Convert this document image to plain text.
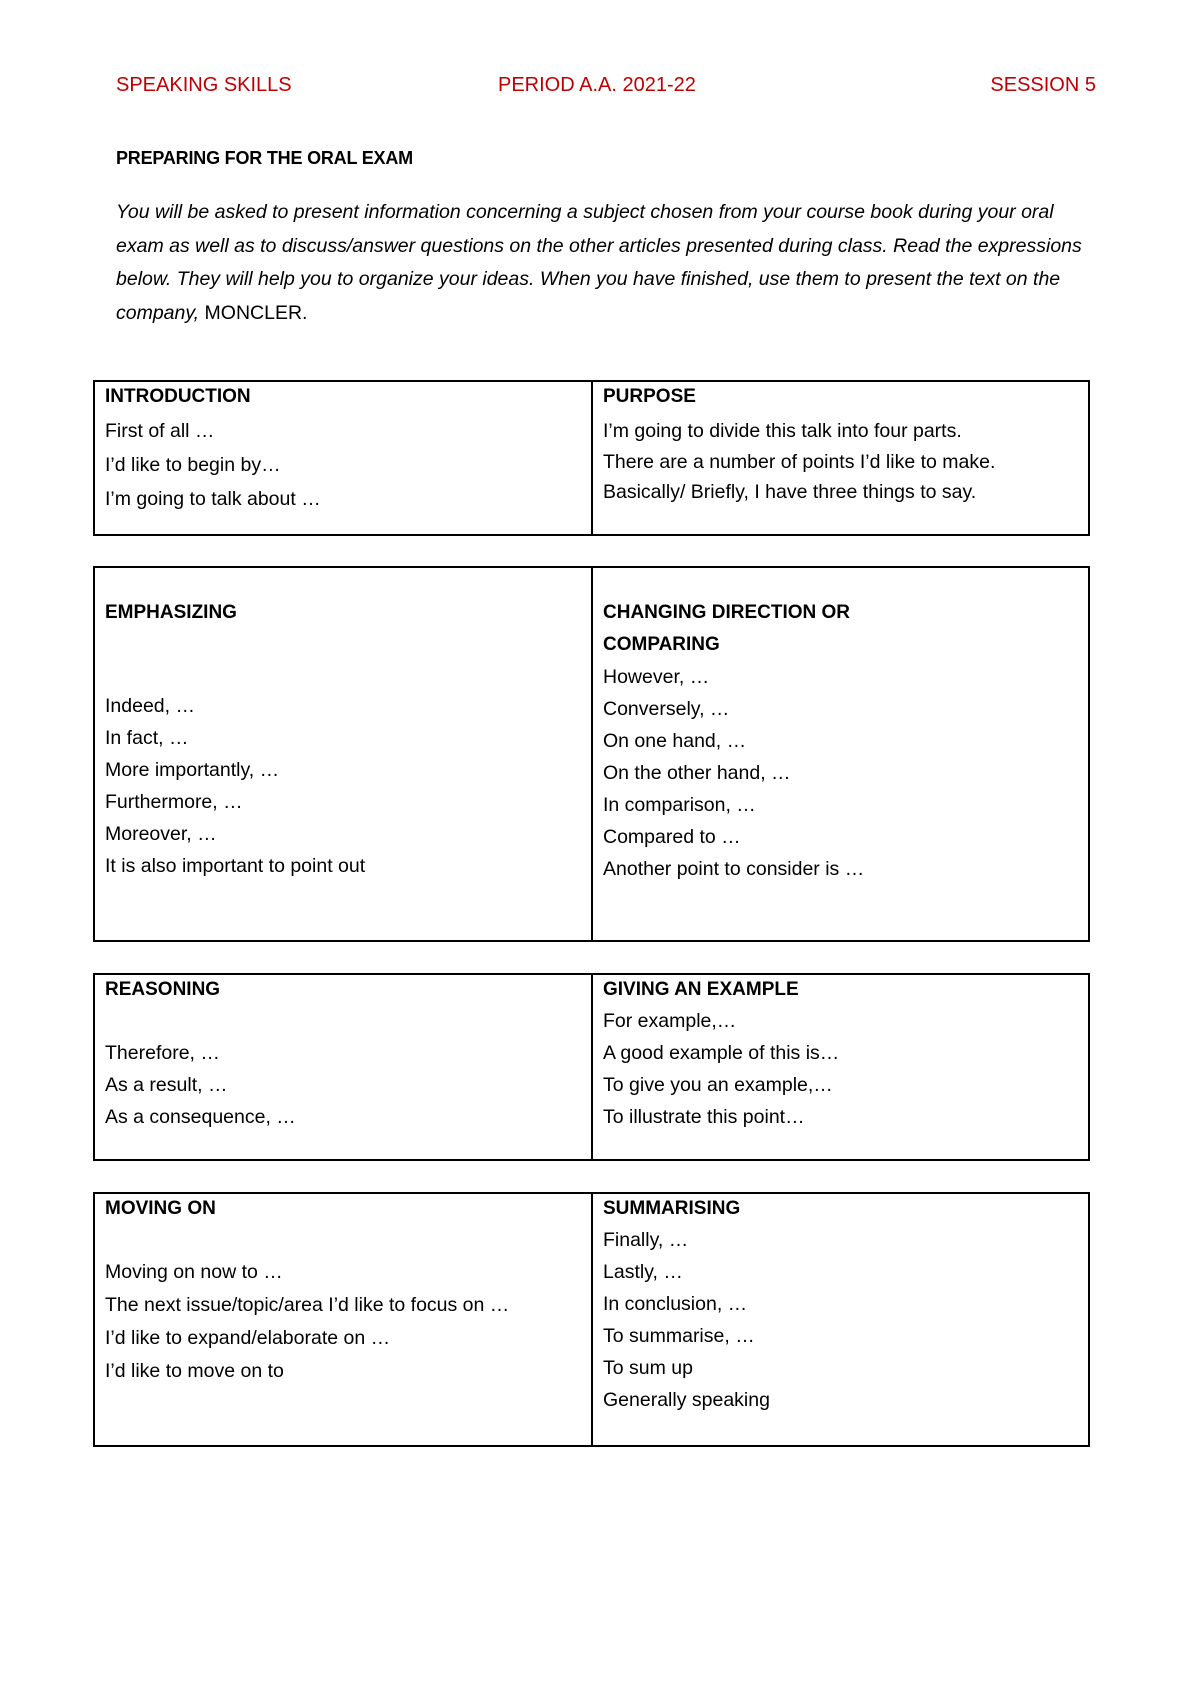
SPEAKING SKILLS	PERIOD A.A. 2021-22	SESSION 5
PREPARING FOR THE ORAL EXAM
You will be asked to present information concerning a subject chosen from your course book during your oral exam as well as to discuss/answer questions on the other articles presented during class. Read the expressions below. They will help you to organize your ideas. When you have finished, use them to present the text on the company, MONCLER.
INTRODUCTION
First of all …
I’d like to begin by…
I’m going to talk about …
PURPOSE
I’m going to divide this talk into four parts.
There are a number of points I’d like to make.
Basically/ Briefly, I have three things to say.
EMPHASIZING
Indeed, …
In fact, …
More importantly, …
Furthermore, …
Moreover, …
It is also important to point out
CHANGING DIRECTION OR
COMPARING
However, …
Conversely, …
On one hand, …
On the other hand, …
In comparison, …
Compared to …
Another point to consider is …
REASONING
Therefore, …
As a result, …
As a consequence, …
GIVING AN EXAMPLE
For example,…
A good example of this is…
To give you an example,…
To illustrate this point…
MOVING ON
Moving on now to …
The next issue/topic/area I’d like to focus on …
I’d like to expand/elaborate on …
I’d like to move on to
SUMMARISING
Finally, …
Lastly, …
In conclusion, …
To summarise, …
To sum up
Generally speaking
